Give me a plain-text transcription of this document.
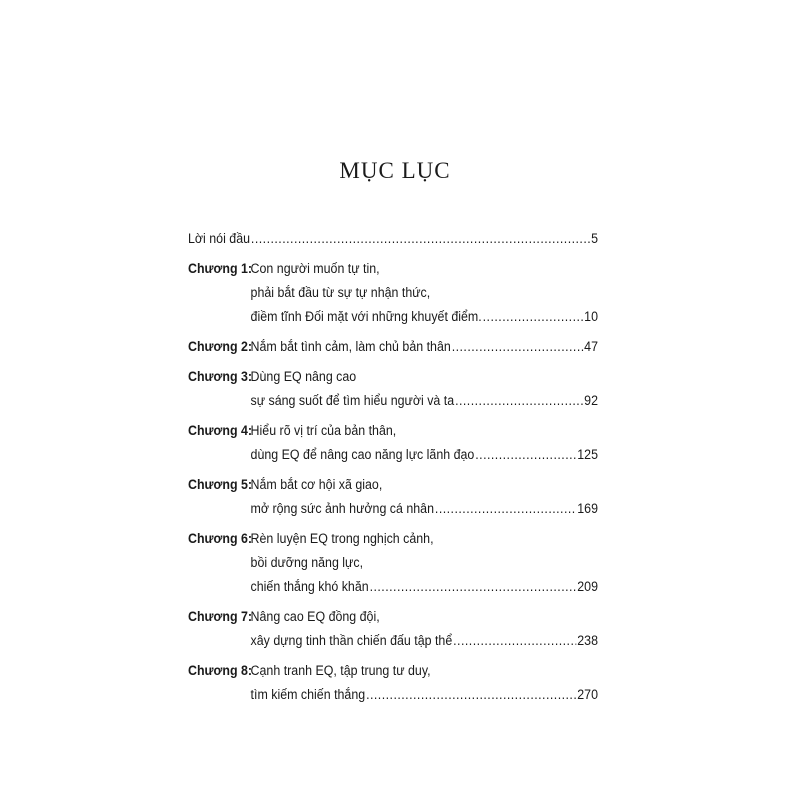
MỤC LỤC
Lời nói đầu .....	5
Chương 1:
Con người muốn tự tin,
phải bắt đầu từ sự tự nhận thức,
điềm tĩnh Đối mặt với những khuyết điểm. .....	10
Chương 2:
Nắm bắt tình cảm, làm chủ bản thân .....	47
Chương 3:
Dùng EQ nâng cao
sự sáng suốt để tìm hiểu người và ta .....	92
Chương 4:
Hiểu rõ vị trí của bản thân,
dùng EQ để nâng cao năng lực lãnh đạo .....	125
Chương 5:
Nắm bắt cơ hội xã giao,
mở rộng sức ảnh hưởng cá nhân .....	169
Chương 6:
Rèn luyện EQ trong nghịch cảnh,
bồi dưỡng năng lực,
chiến thắng khó khăn .....	209
Chương 7:
Nâng cao EQ đồng đội,
xây dựng tinh thần chiến đấu tập thể .....	238
Chương 8:
Cạnh tranh EQ, tập trung tư duy,
tìm kiếm chiến thắng .....	270
